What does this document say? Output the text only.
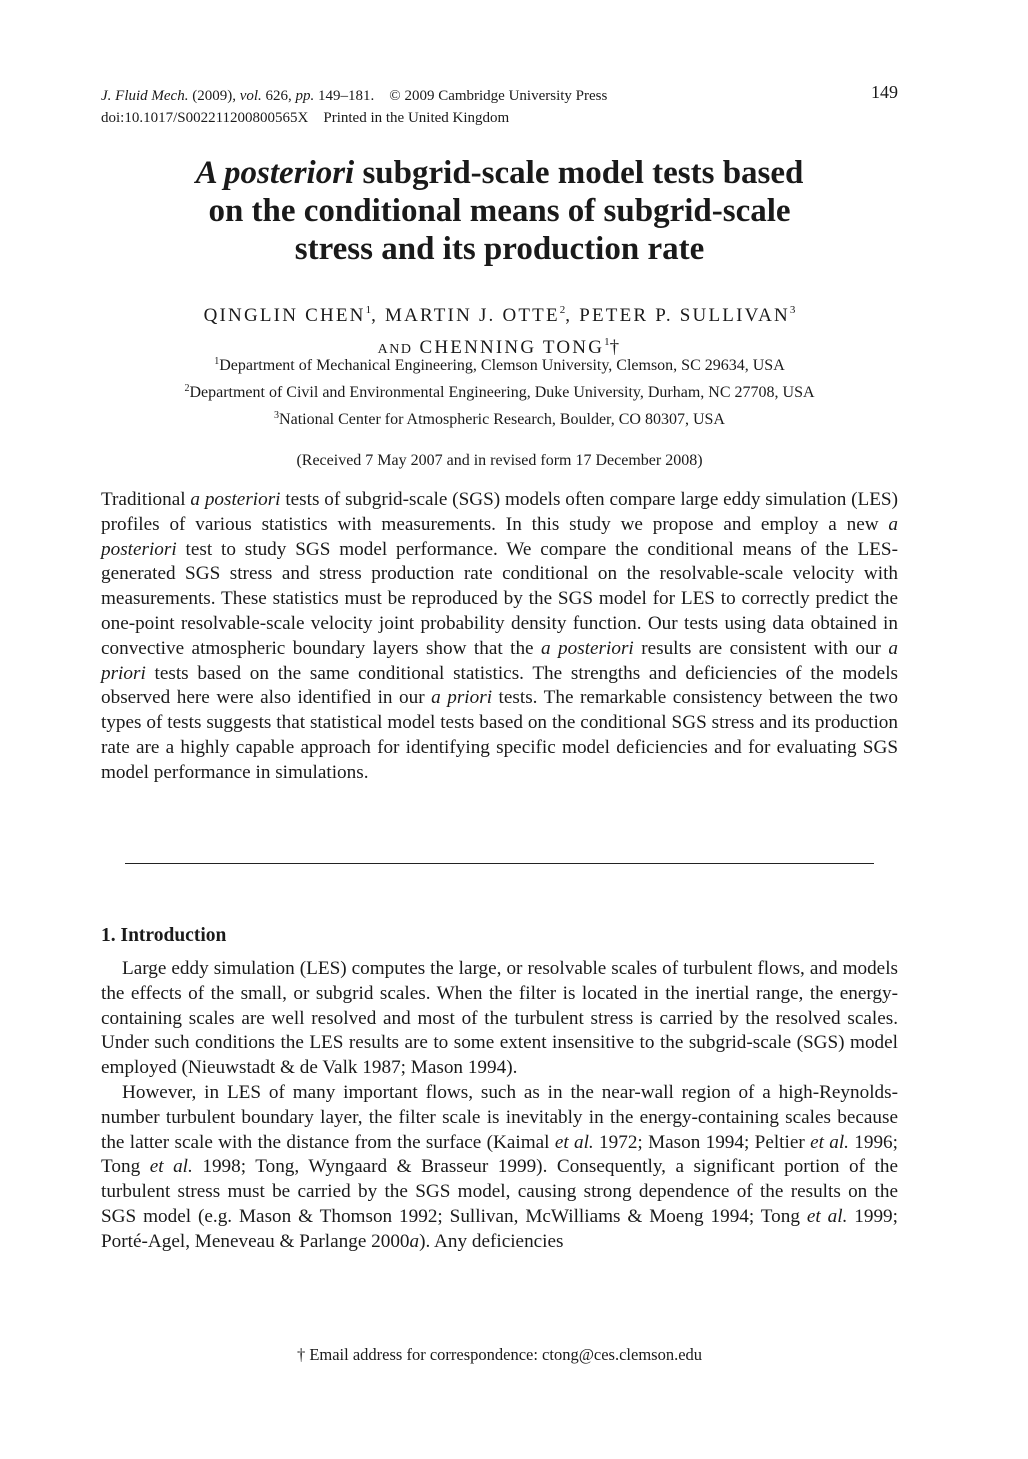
J. Fluid Mech. (2009), vol. 626, pp. 149–181. © 2009 Cambridge University Press
doi:10.1017/S002211200800565X Printed in the United Kingdom
149
A posteriori subgrid-scale model tests based
on the conditional means of subgrid-scale
stress and its production rate
QINGLIN CHEN$^1$, MARTIN J. OTTE$^2$, PETER P. SULLIVAN$^3$
AND CHENNING TONG$^1$†
$^1$Department of Mechanical Engineering, Clemson University, Clemson, SC 29634, USA
$^2$Department of Civil and Environmental Engineering, Duke University, Durham, NC 27708, USA
$^3$National Center for Atmospheric Research, Boulder, CO 80307, USA
(Received 7 May 2007 and in revised form 17 December 2008)
Traditional a posteriori tests of subgrid-scale (SGS) models often compare large eddy simulation (LES) profiles of various statistics with measurements. In this study we propose and employ a new a posteriori test to study SGS model performance. We compare the conditional means of the LES-generated SGS stress and stress production rate conditional on the resolvable-scale velocity with measurements. These statistics must be reproduced by the SGS model for LES to correctly predict the one-point resolvable-scale velocity joint probability density function. Our tests using data obtained in convective atmospheric boundary layers show that the a posteriori results are consistent with our a priori tests based on the same conditional statistics. The strengths and deficiencies of the models observed here were also identified in our a priori tests. The remarkable consistency between the two types of tests suggests that statistical model tests based on the conditional SGS stress and its production rate are a highly capable approach for identifying specific model deficiencies and for evaluating SGS model performance in simulations.
1. Introduction

Large eddy simulation (LES) computes the large, or resolvable scales of turbulent flows, and models the effects of the small, or subgrid scales. When the filter is located in the inertial range, the energy-containing scales are well resolved and most of the turbulent stress is carried by the resolved scales. Under such conditions the LES results are to some extent insensitive to the subgrid-scale (SGS) model employed (Nieuwstadt & de Valk 1987; Mason 1994).

However, in LES of many important flows, such as in the near-wall region of a high-Reynolds-number turbulent boundary layer, the filter scale is inevitably in the energy-containing scales because the latter scale with the distance from the surface (Kaimal et al. 1972; Mason 1994; Peltier et al. 1996; Tong et al. 1998; Tong, Wyngaard & Brasseur 1999). Consequently, a significant portion of the turbulent stress must be carried by the SGS model, causing strong dependence of the results on the SGS model (e.g. Mason & Thomson 1992; Sullivan, McWilliams & Moeng 1994; Tong et al. 1999; Porté-Agel, Meneveau & Parlange 2000a). Any deficiencies

† Email address for correspondence: ctong@ces.clemson.edu
